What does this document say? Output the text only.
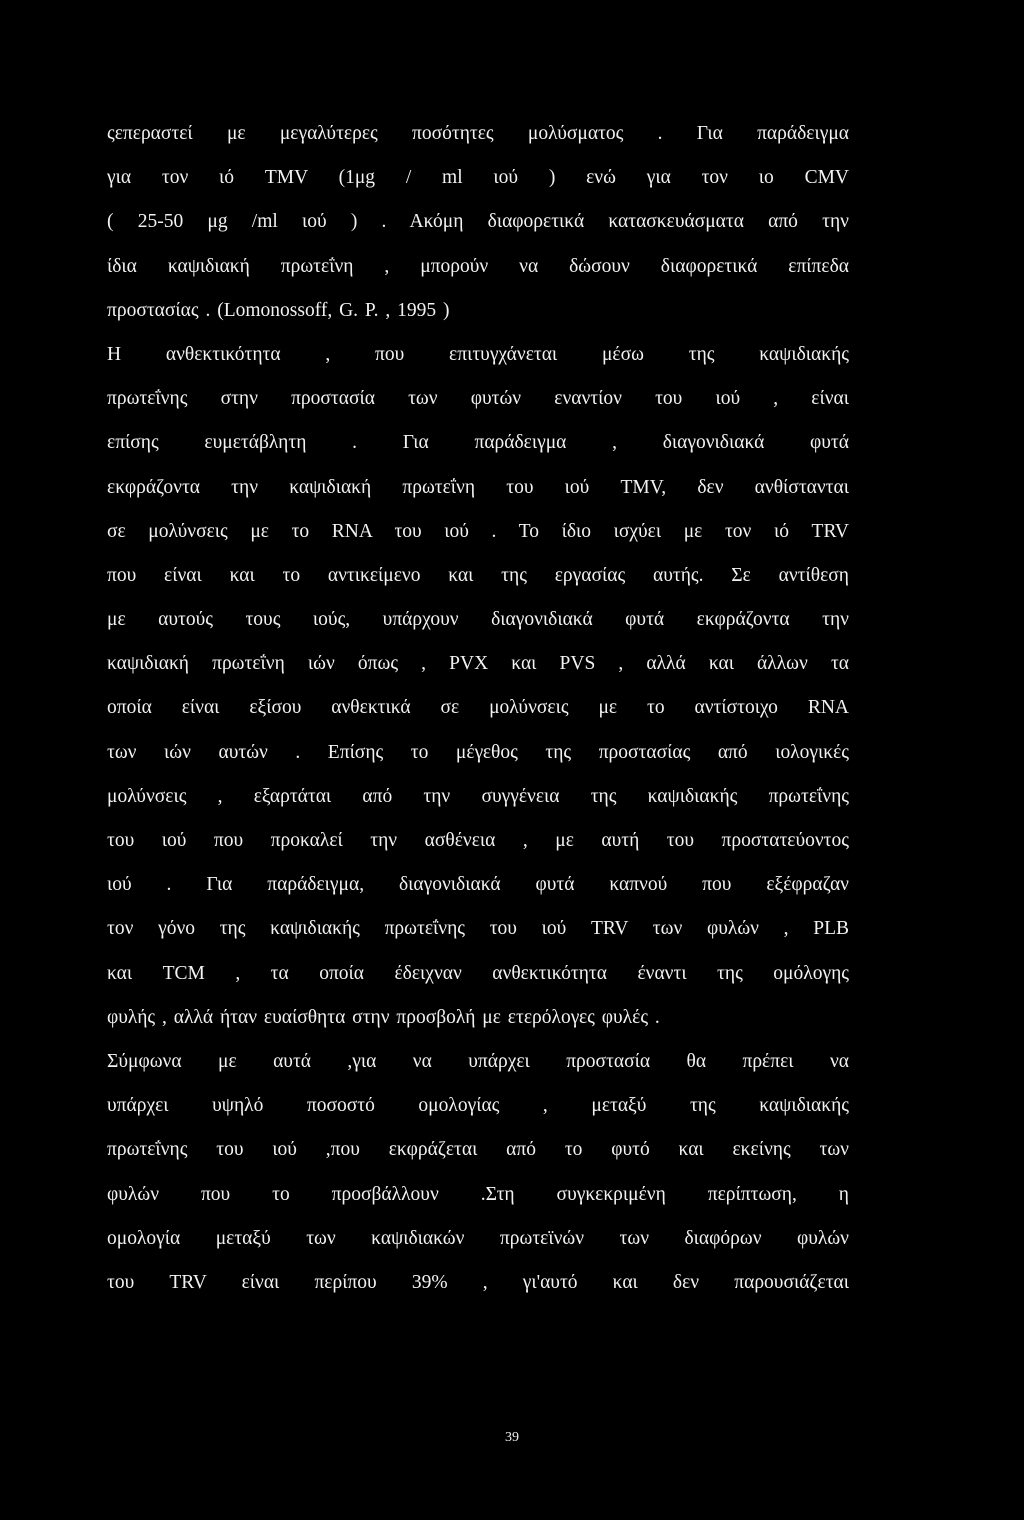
ςεπεραστεί με μεγαλύτερες ποσότητες μολύσματος . Για παράδειγμα
για τον ιό TMV (1μg / ml ιού ) ενώ για τον ιο CMV
( 25-50 μg /ml ιού ) . Ακόμη διαφορετικά κατασκευάσματα από την
ίδια καψιδιακή πρωτεΐνη , μπορούν να δώσουν διαφορετικά επίπεδα
προστασίας . (Lomonossoff, G. P. , 1995 )
Η ανθεκτικότητα , που επιτυγχάνεται μέσω της καψιδιακής
πρωτεΐνης στην προστασία των φυτών εναντίον του ιού , είναι
επίσης ευμετάβλητη . Για παράδειγμα , διαγονιδιακά φυτά
εκφράζοντα την καψιδιακή πρωτεΐνη του ιού TMV, δεν ανθίστανται
σε μολύνσεις με το RNA του ιού . Το ίδιο ισχύει με τον ιό TRV
που είναι και το αντικείμενο και της εργασίας αυτής. Σε αντίθεση
με αυτούς τους ιούς, υπάρχουν διαγονιδιακά φυτά εκφράζοντα την
καψιδιακή πρωτεΐνη ιών όπως , PVX και PVS , αλλά και άλλων τα
οποία είναι εξίσου ανθεκτικά σε μολύνσεις με το αντίστοιχο RNA
των ιών αυτών . Επίσης το μέγεθος της προστασίας από ιολογικές
μολύνσεις , εξαρτάται από την συγγένεια της καψιδιακής πρωτεΐνης
του ιού που προκαλεί την ασθένεια , με αυτή του προστατεύοντος
ιού . Για παράδειγμα, διαγονιδιακά φυτά καπνού που εξέφραζαν
τον γόνο της καψιδιακής πρωτεΐνης του ιού TRV των φυλών , PLB
και TCM , τα οποία έδειχναν ανθεκτικότητα έναντι της ομόλογης
φυλής , αλλά ήταν ευαίσθητα στην προσβολή με ετερόλογες φυλές .
Σύμφωνα με αυτά ,για να υπάρχει προστασία θα πρέπει να
υπάρχει υψηλό ποσοστό ομολογίας , μεταξύ της καψιδιακής
πρωτεΐνης του ιού ,που εκφράζεται από το φυτό και εκείνης των
φυλών που το προσβάλλουν .Στη συγκεκριμένη περίπτωση, η
ομολογία μεταξύ των καψιδιακών πρωτεϊνών των διαφόρων φυλών
του TRV είναι περίπου 39% , γι'αυτό και δεν παρουσιάζεται
39
